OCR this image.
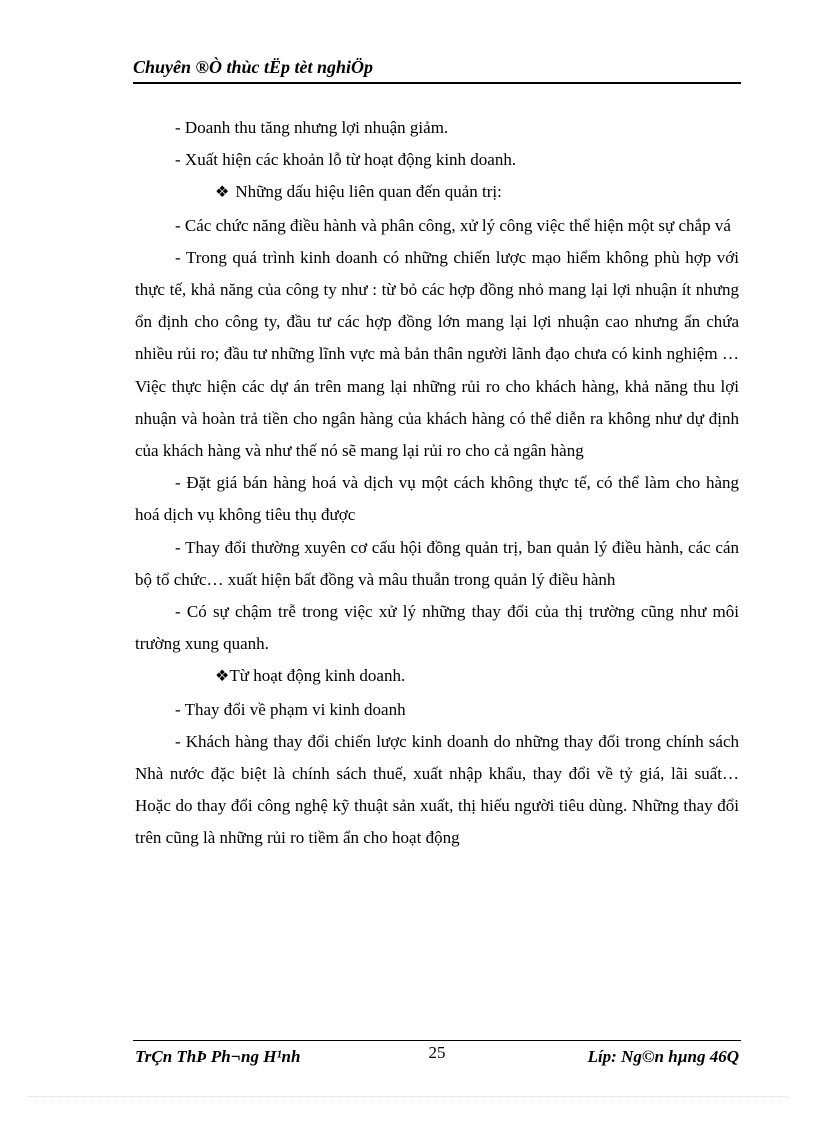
Chuyên ®Ò thùc tËp tèt nghiÖp

- Doanh thu tăng nhưng lợi nhuận giảm.

- Xuất hiện các khoản lỗ từ hoạt động kinh doanh.

❖ Những dấu hiệu liên quan đến quản trị:

- Các chức năng điều hành và phân công, xử lý công việc thể hiện một sự chắp vá

- Trong quá trình kinh doanh có những chiến lược mạo hiểm không phù hợp với thực tế, khả năng của công ty như : từ bỏ các hợp đồng nhỏ mang lại lợi nhuận ít nhưng ổn định cho công ty, đầu tư các hợp đồng lớn mang lại lợi nhuận cao nhưng ẩn chứa nhiều rủi ro; đầu tư những lĩnh vực mà bản thân người lãnh đạo chưa có kinh nghiệm …Việc thực hiện các dự án trên mang lại những rủi ro cho khách hàng, khả năng thu lợi nhuận và hoàn trả tiền cho ngân hàng của khách hàng có thể diễn ra không như dự định của khách hàng và như thế nó sẽ mang lại rủi ro cho cả ngân hàng

- Đặt giá bán hàng hoá và dịch vụ một cách không thực tế, có thể làm cho hàng hoá dịch vụ không tiêu thụ được

- Thay đổi thường xuyên cơ cấu hội đồng quản trị, ban quản lý điều hành, các cán bộ tổ chức… xuất hiện bất đồng và mâu thuẫn trong quản lý điều hành

- Có sự chậm trễ trong việc xử lý những thay đổi của thị trường cũng như môi trường xung quanh.

❖Từ hoạt động kinh doanh.

- Thay đổi về phạm vi kinh doanh

- Khách hàng thay đổi chiến lược kinh doanh do những thay đổi trong chính sách Nhà nước đặc biệt là chính sách thuế, xuất nhập khẩu, thay đổi về tỷ giá, lãi suất… Hoặc do thay đổi công nghệ kỹ thuật sản xuất, thị hiếu người tiêu dùng. Những thay đổi trên cũng là những rủi ro tiềm ẩn cho hoạt động

TrÇn ThÞ Ph¬ng H¹nh	25	Líp: Ng©n hµng 46Q
